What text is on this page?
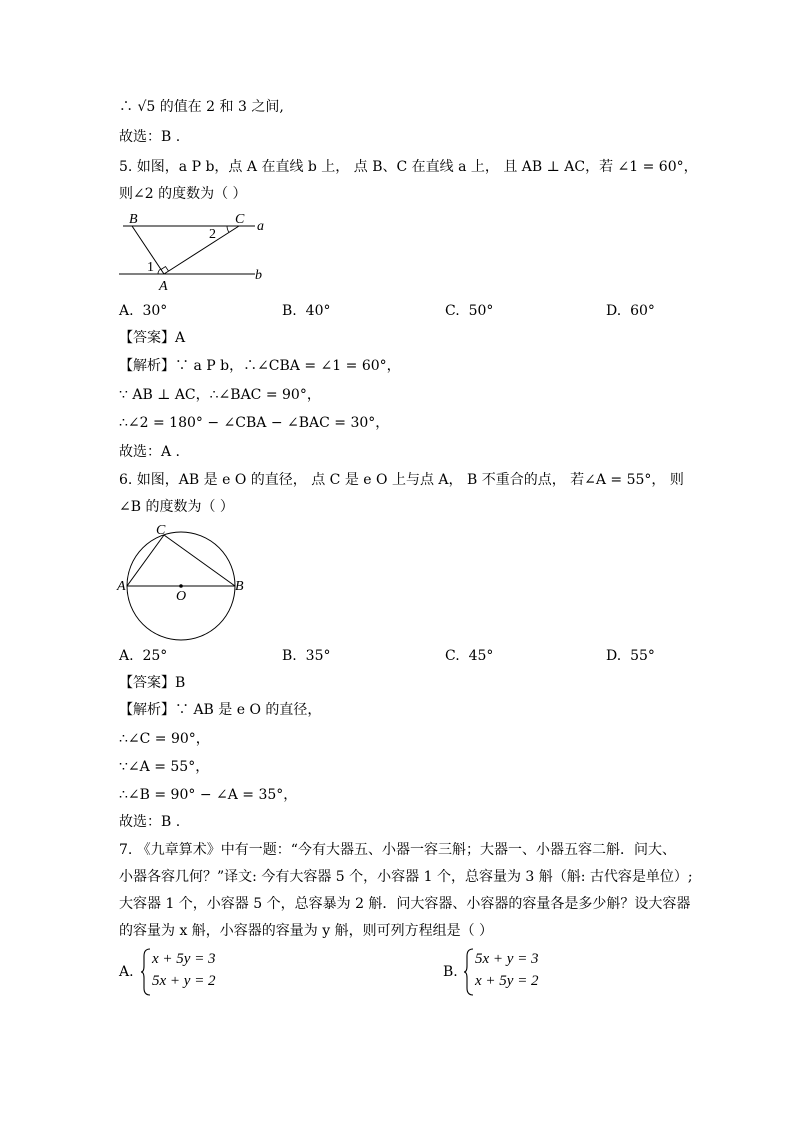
∴ √5 的值在 2 和 3 之间,
故选：B .
5. 如图，a P b，点 A 在直线 b 上， 点 B、C 在直线 a 上， 且 AB ⊥ AC，若 ∠1 = 60°，
则∠2 的度数为（ ）
B	C a
b
A
1
2
A. 30°	B. 40°	C. 50°	D. 60°
【答案】A
【解析】∵ a P b，∴∠CBA = ∠1 = 60°，
∵ AB ⊥ AC，∴∠BAC = 90°，
∴∠2 = 180° − ∠CBA − ∠BAC = 30°，
故选：A .
6. 如图，AB 是 e O 的直径， 点 C 是 e O 上与点 A， B 不重合的点， 若∠A = 55°， 则
∠B 的度数为（ ）
C
A	B
O
A. 25°	B. 35°	C. 45°	D. 55°
【答案】B
【解析】∵ AB 是 e O 的直径，
∴∠C = 90°，
∵∠A = 55°，
∴∠B = 90° − ∠A = 35°，
故选：B .
7. 《九章算术》中有一题：“今有大器五、小器一容三斛；大器一、小器五容二斛．问大、
小器各容几何？”译文: 今有大容器 5 个，小容器 1 个，总容量为 3 斛（斛: 古代容是单位）;
大容器 1 个，小容器 5 个，总容暴为 2 斛．问大容器、小容器的容量各是多少斛？设大容器
的容量为 x 斛，小容器的容量为 y 斛，则可列方程组是（ ）
A.
x + 5y = 3
5x + y = 2
B.
5x + y = 3
x + 5y = 2
